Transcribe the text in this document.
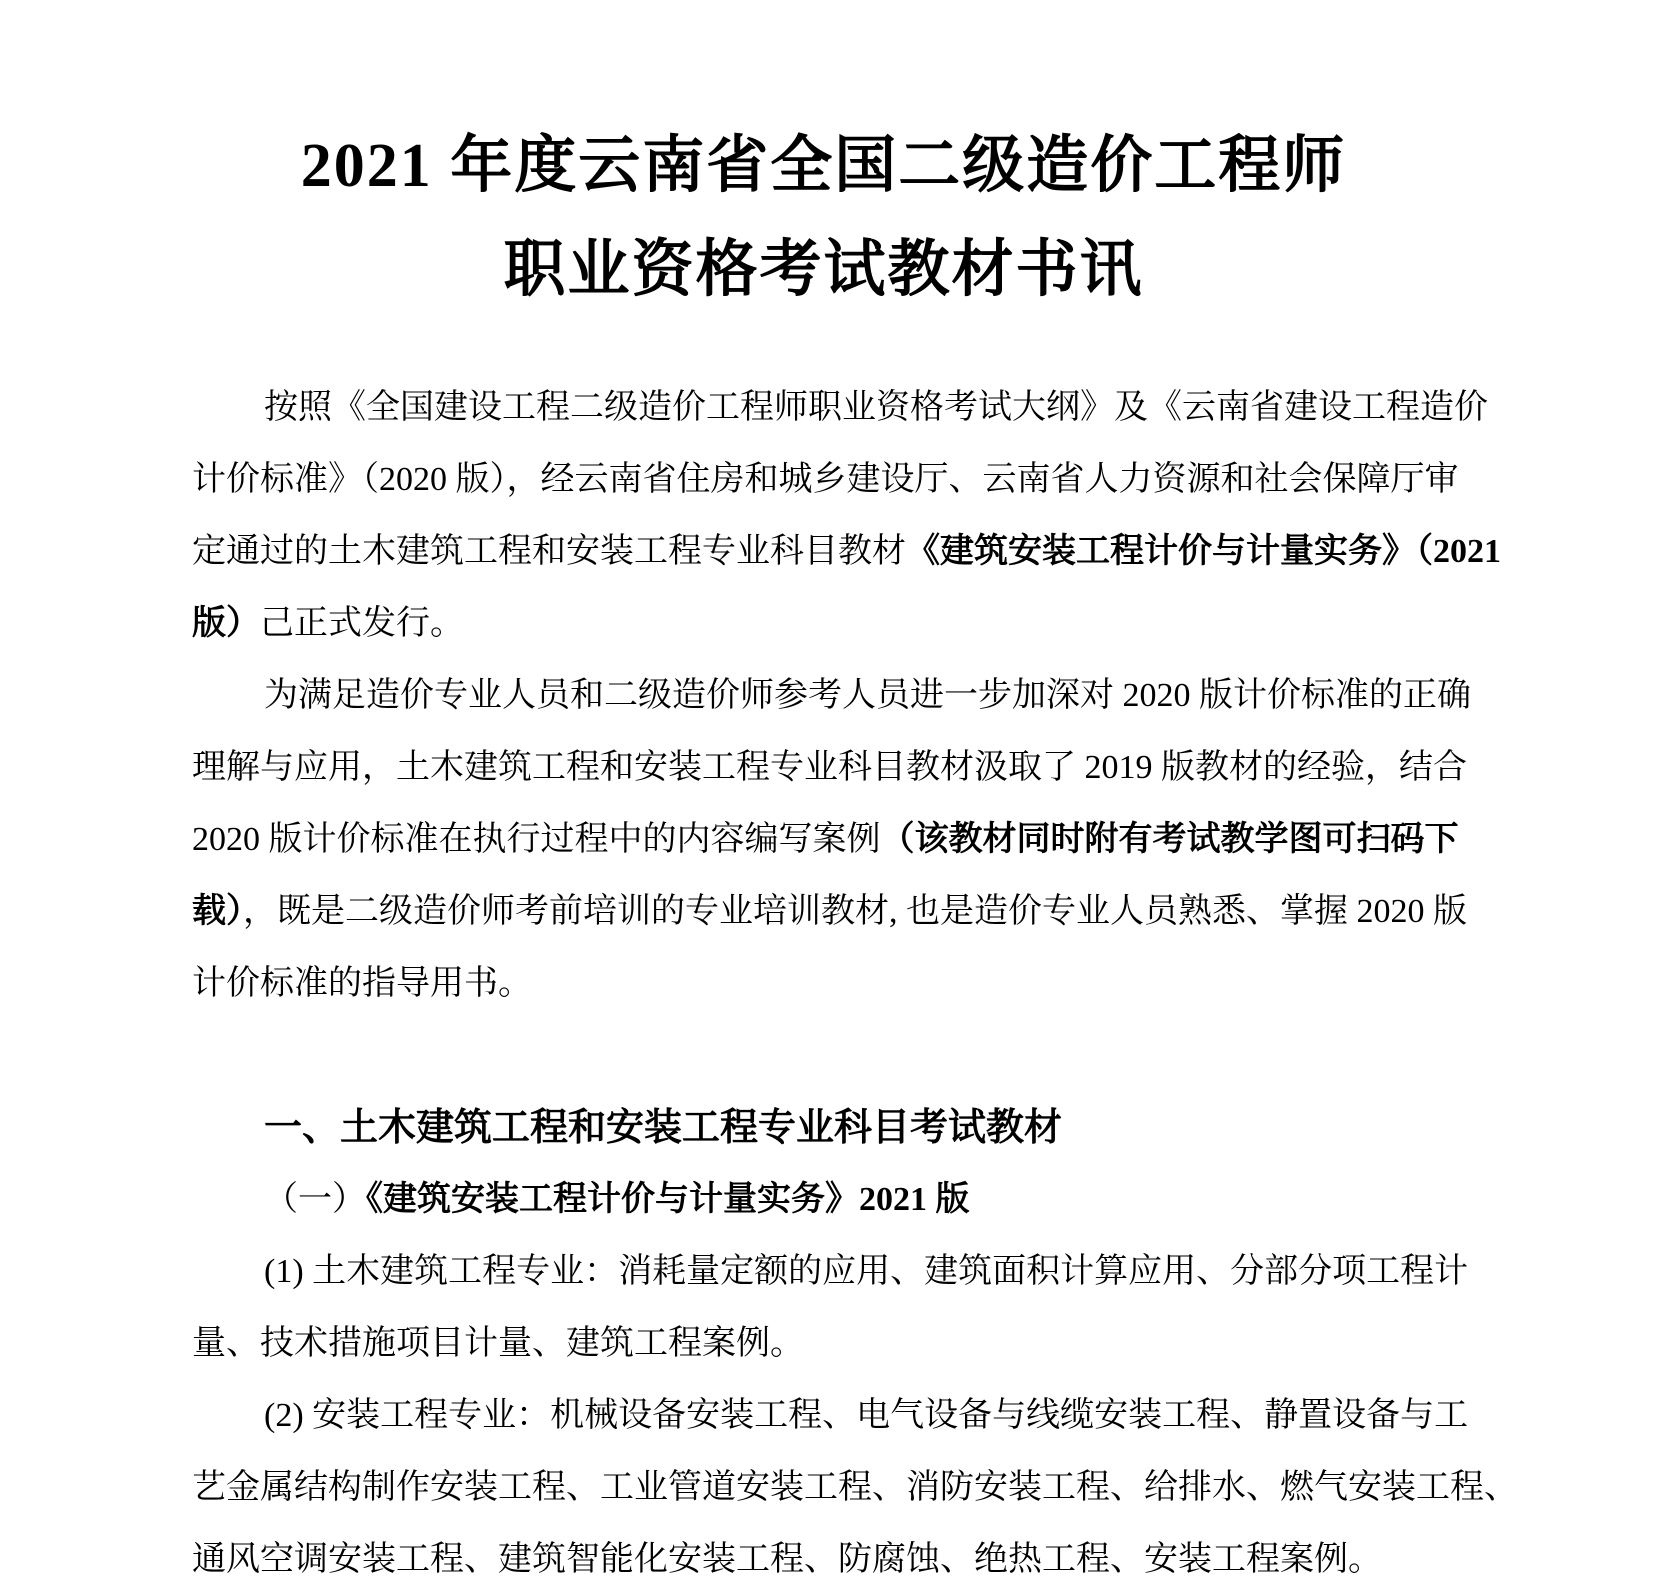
2021 年度云南省全国二级造价工程师
职业资格考试教材书讯
按照《全国建设工程二级造价工程师职业资格考试大纲》及《云南省建设工程造价
计价标准》（2020 版），经云南省住房和城乡建设厅、云南省人力资源和社会保障厅审
定通过的土木建筑工程和安装工程专业科目教材《建筑安装工程计价与计量实务》（2021
版）己正式发行。
为满足造价专业人员和二级造价师参考人员进一步加深对 2020 版计价标准的正确
理解与应用，土木建筑工程和安装工程专业科目教材汲取了 2019 版教材的经验，结合
2020 版计价标准在执行过程中的内容编写案例（该教材同时附有考试教学图可扫码下
载），既是二级造价师考前培训的专业培训教材, 也是造价专业人员熟悉、掌握 2020 版
计价标准的指导用书。
一、土木建筑工程和安装工程专业科目考试教材
（一）《建筑安装工程计价与计量实务》2021 版
(1) 土木建筑工程专业：消耗量定额的应用、建筑面积计算应用、分部分项工程计
量、技术措施项目计量、建筑工程案例。
(2) 安装工程专业：机械设备安装工程、电气设备与线缆安装工程、静置设备与工
艺金属结构制作安装工程、工业管道安装工程、消防安装工程、给排水、燃气安装工程、
通风空调安装工程、建筑智能化安装工程、防腐蚀、绝热工程、安装工程案例。
